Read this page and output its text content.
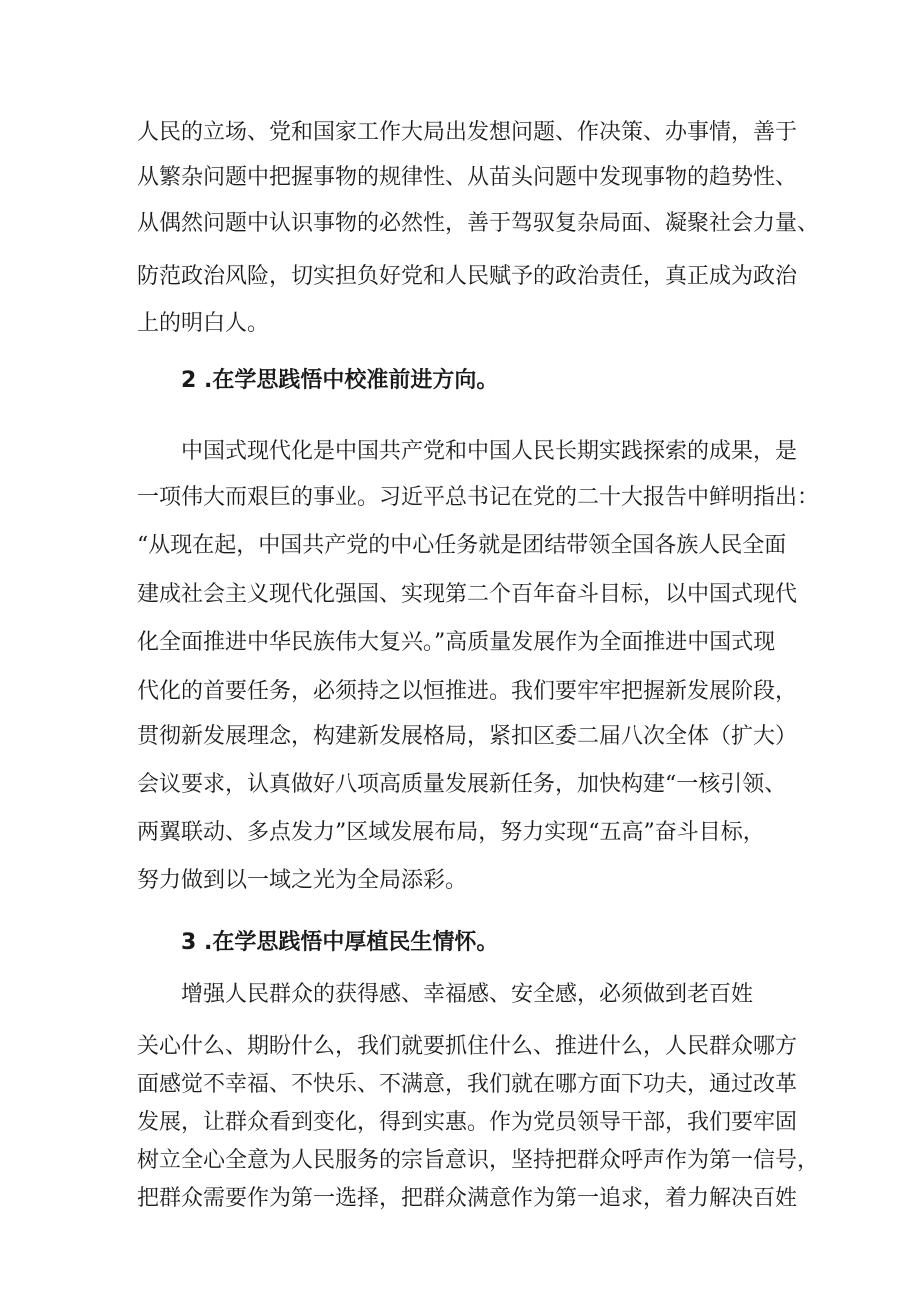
人民的立场、党和国家工作大局出发想问题、作决策、办事情，善于
从繁杂问题中把握事物的规律性、从苗头问题中发现事物的趋势性、
从偶然问题中认识事物的必然性，善于驾驭复杂局面、凝聚社会力量、
防范政治风险，切实担负好党和人民赋予的政治责任，真正成为政治
上的明白人。
2 .在学思践悟中校准前进方向。
中国式现代化是中国共产党和中国人民长期实践探索的成果，是
一项伟大而艰巨的事业。习近平总书记在党的二十大报告中鲜明指出：
“从现在起，中国共产党的中心任务就是团结带领全国各族人民全面
建成社会主义现代化强国、实现第二个百年奋斗目标，以中国式现代
化全面推进中华民族伟大复兴。”高质量发展作为全面推进中国式现
代化的首要任务，必须持之以恒推进。我们要牢牢把握新发展阶段，
贯彻新发展理念，构建新发展格局，紧扣区委二届八次全体（扩大）
会议要求，认真做好八项高质量发展新任务，加快构建“一核引领、
两翼联动、多点发力”区域发展布局，努力实现“五高”奋斗目标，
努力做到以一域之光为全局添彩。
3 .在学思践悟中厚植民生情怀。
增强人民群众的获得感、幸福感、安全感，必须做到老百姓
关心什么、期盼什么，我们就要抓住什么、推进什么，人民群众哪方
面感觉不幸福、不快乐、不满意，我们就在哪方面下功夫，通过改革
发展，让群众看到变化，得到实惠。作为党员领导干部，我们要牢固
树立全心全意为人民服务的宗旨意识，坚持把群众呼声作为第一信号，
把群众需要作为第一选择，把群众满意作为第一追求，着力解决百姓
